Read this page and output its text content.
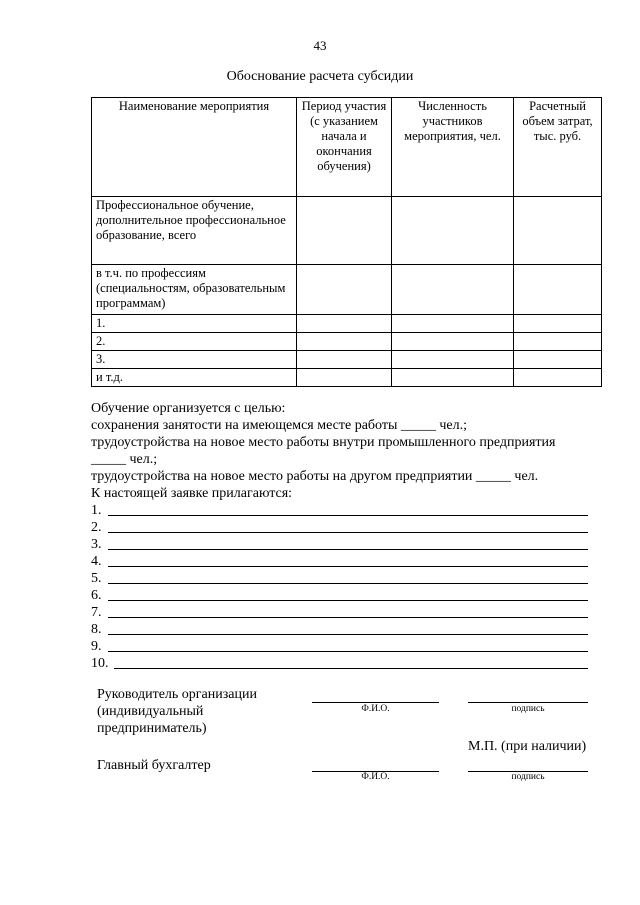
43
Обоснование расчета субсидии
Наименование мероприятия	Период участия (с указанием начала и окончания обучения)	Численность участников мероприятия, чел.	Расчетный объем затрат, тыс. руб.
Профессиональное обучение, дополнительное профессиональное образование, всего			
в т.ч. по профессиям (специальностям, образовательным программам)			
1.			
2.			
3.			
и т.д.			
Обучение организуется с целью:
сохранения занятости на имеющемся месте работы _____ чел.;
трудоустройства на новое место работы внутри промышленного предприятия
_____ чел.;
трудоустройства на новое место работы на другом предприятии _____ чел.
К настоящей заявке прилагаются:
1.
2.
3.
4.
5.
6.
7.
8.
9.
10.
Руководитель организации
(индивидуальный
предприниматель)
Ф.И.О.	подпись
М.П. (при наличии)
Главный бухгалтер
Ф.И.О.	подпись
